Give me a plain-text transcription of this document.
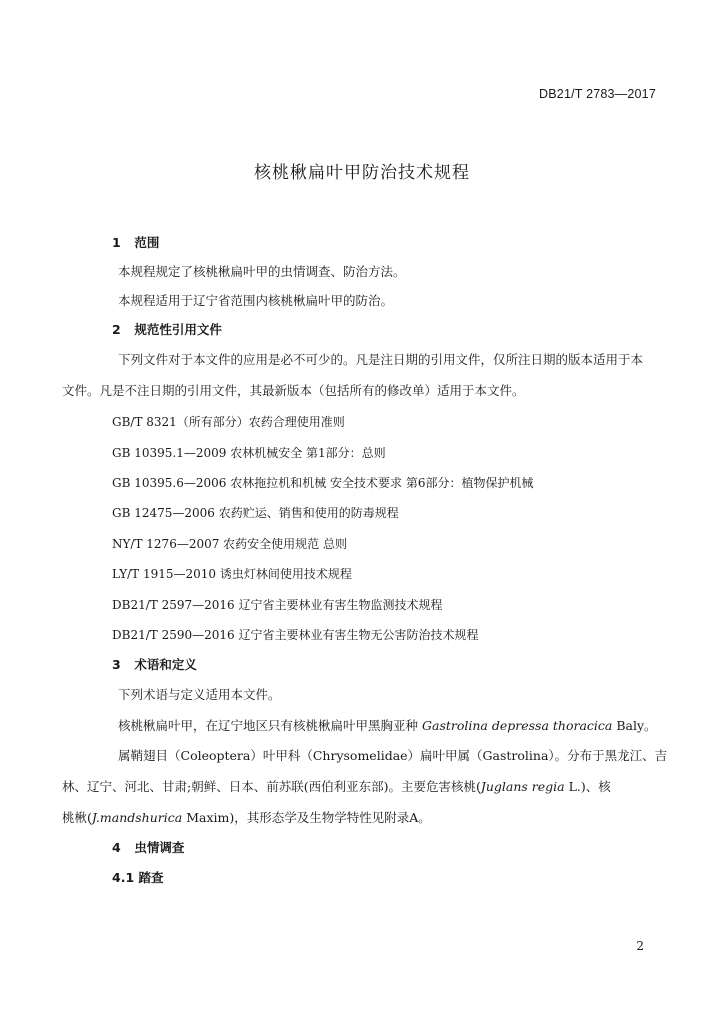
DB21/T 2783—2017
核桃楸扁叶甲防治技术规程
1 范围
本规程规定了核桃楸扁叶甲的虫情调查、防治方法。
本规程适用于辽宁省范围内核桃楸扁叶甲的防治。
2 规范性引用文件
下列文件对于本文件的应用是必不可少的。凡是注日期的引用文件，仅所注日期的版本适用于本
文件。凡是不注日期的引用文件，其最新版本（包括所有的修改单）适用于本文件。
GB/T 8321（所有部分）农药合理使用准则
GB 10395.1—2009 农林机械安全 第1部分：总则
GB 10395.6—2006 农林拖拉机和机械 安全技术要求 第6部分：植物保护机械
GB 12475—2006 农药贮运、销售和使用的防毒规程
NY/T 1276—2007 农药安全使用规范 总则
LY/T 1915—2010 诱虫灯林间使用技术规程
DB21/T 2597—2016 辽宁省主要林业有害生物监测技术规程
DB21/T 2590—2016 辽宁省主要林业有害生物无公害防治技术规程
3 术语和定义
下列术语与定义适用本文件。
核桃楸扁叶甲，在辽宁地区只有核桃楸扁叶甲黑胸亚种 Gastrolina depressa thoracica Baly。
属鞘翅目（Coleoptera）叶甲科（Chrysomelidae）扁叶甲属（Gastrolina）。分布于黑龙江、吉
林、辽宁、河北、甘肃;朝鲜、日本、前苏联(西伯利亚东部)。主要危害核桃(Juglans regia L.)、核
桃楸(J.mandshurica Maxim)，其形态学及生物学特性见附录A。
4 虫情调查
4.1 踏查
2
